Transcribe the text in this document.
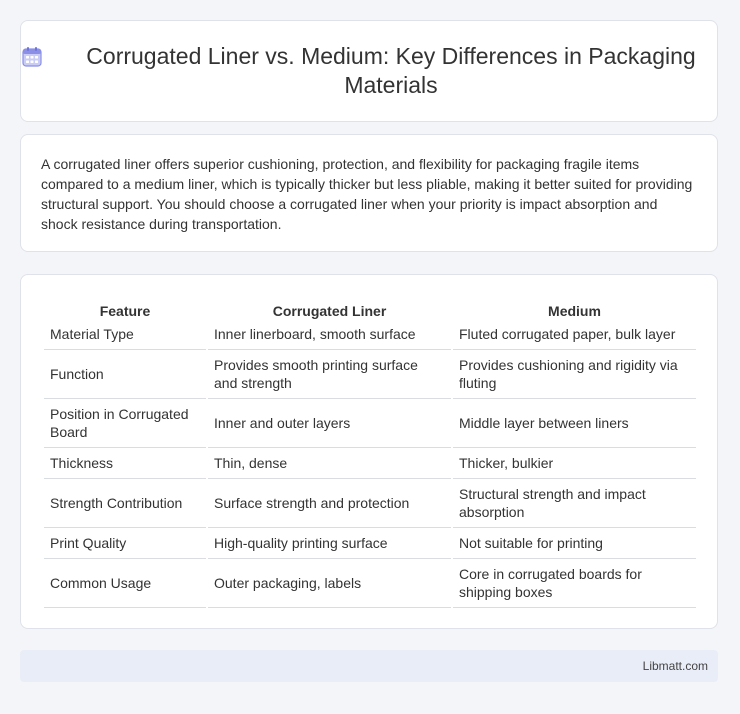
Corrugated Liner vs. Medium: Key Differences in Packaging Materials

A corrugated liner offers superior cushioning, protection, and flexibility for packaging fragile items compared to a medium liner, which is typically thicker but less pliable, making it better suited for providing structural support. You should choose a corrugated liner when your priority is impact absorption and shock resistance during transportation.

Feature	Corrugated Liner	Medium
Material Type	Inner linerboard, smooth surface	Fluted corrugated paper, bulk layer
Function	Provides smooth printing surface and strength	Provides cushioning and rigidity via fluting
Position in Corrugated Board	Inner and outer layers	Middle layer between liners
Thickness	Thin, dense	Thicker, bulkier
Strength Contribution	Surface strength and protection	Structural strength and impact absorption
Print Quality	High-quality printing surface	Not suitable for printing
Common Usage	Outer packaging, labels	Core in corrugated boards for shipping boxes
Libmatt.com
